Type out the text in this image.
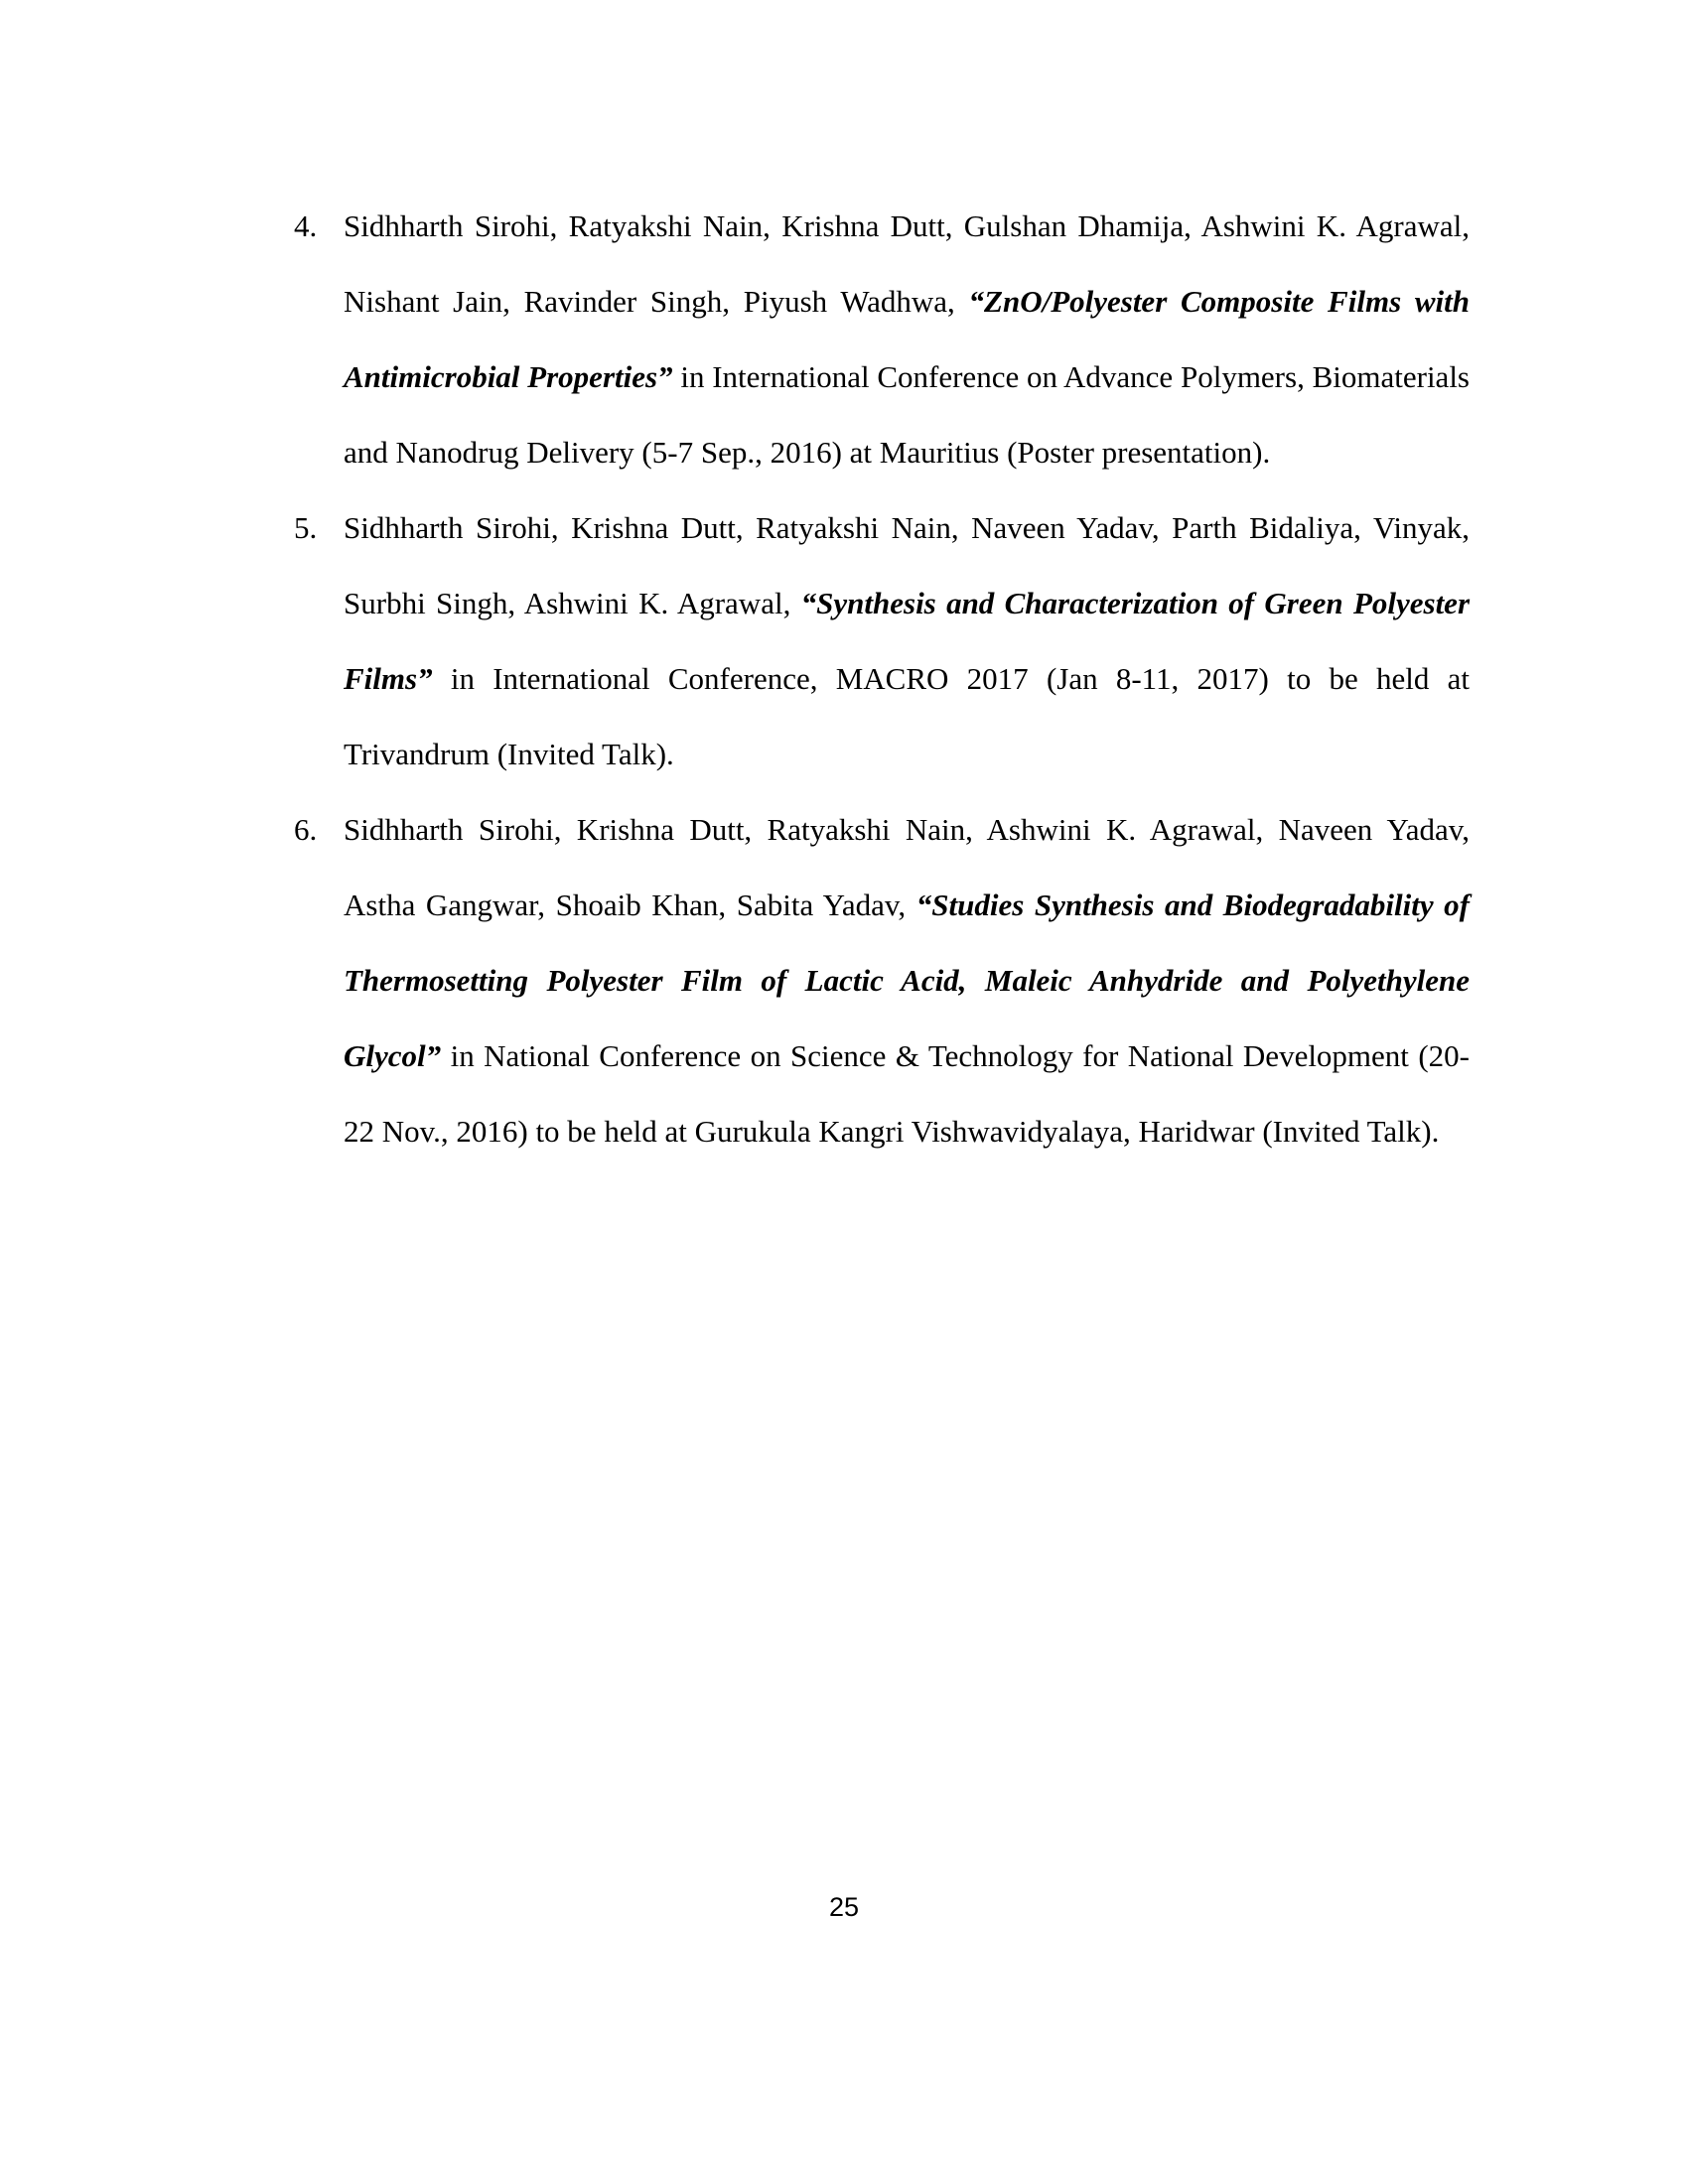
4. Sidhharth Sirohi, Ratyakshi Nain, Krishna Dutt, Gulshan Dhamija, Ashwini K. Agrawal, Nishant Jain, Ravinder Singh, Piyush Wadhwa, “ZnO/Polyester Composite Films with Antimicrobial Properties” in International Conference on Advance Polymers, Biomaterials and Nanodrug Delivery (5-7 Sep., 2016) at Mauritius (Poster presentation).
5. Sidhharth Sirohi, Krishna Dutt, Ratyakshi Nain, Naveen Yadav, Parth Bidaliya, Vinyak, Surbhi Singh, Ashwini K. Agrawal, “Synthesis and Characterization of Green Polyester Films” in International Conference, MACRO 2017 (Jan 8-11, 2017) to be held at Trivandrum (Invited Talk).
6. Sidhharth Sirohi, Krishna Dutt, Ratyakshi Nain, Ashwini K. Agrawal, Naveen Yadav, Astha Gangwar, Shoaib Khan, Sabita Yadav, “Studies Synthesis and Biodegradability of Thermosetting Polyester Film of Lactic Acid, Maleic Anhydride and Polyethylene Glycol” in National Conference on Science & Technology for National Development (20-22 Nov., 2016) to be held at Gurukula Kangri Vishwavidyalaya, Haridwar (Invited Talk).
25
